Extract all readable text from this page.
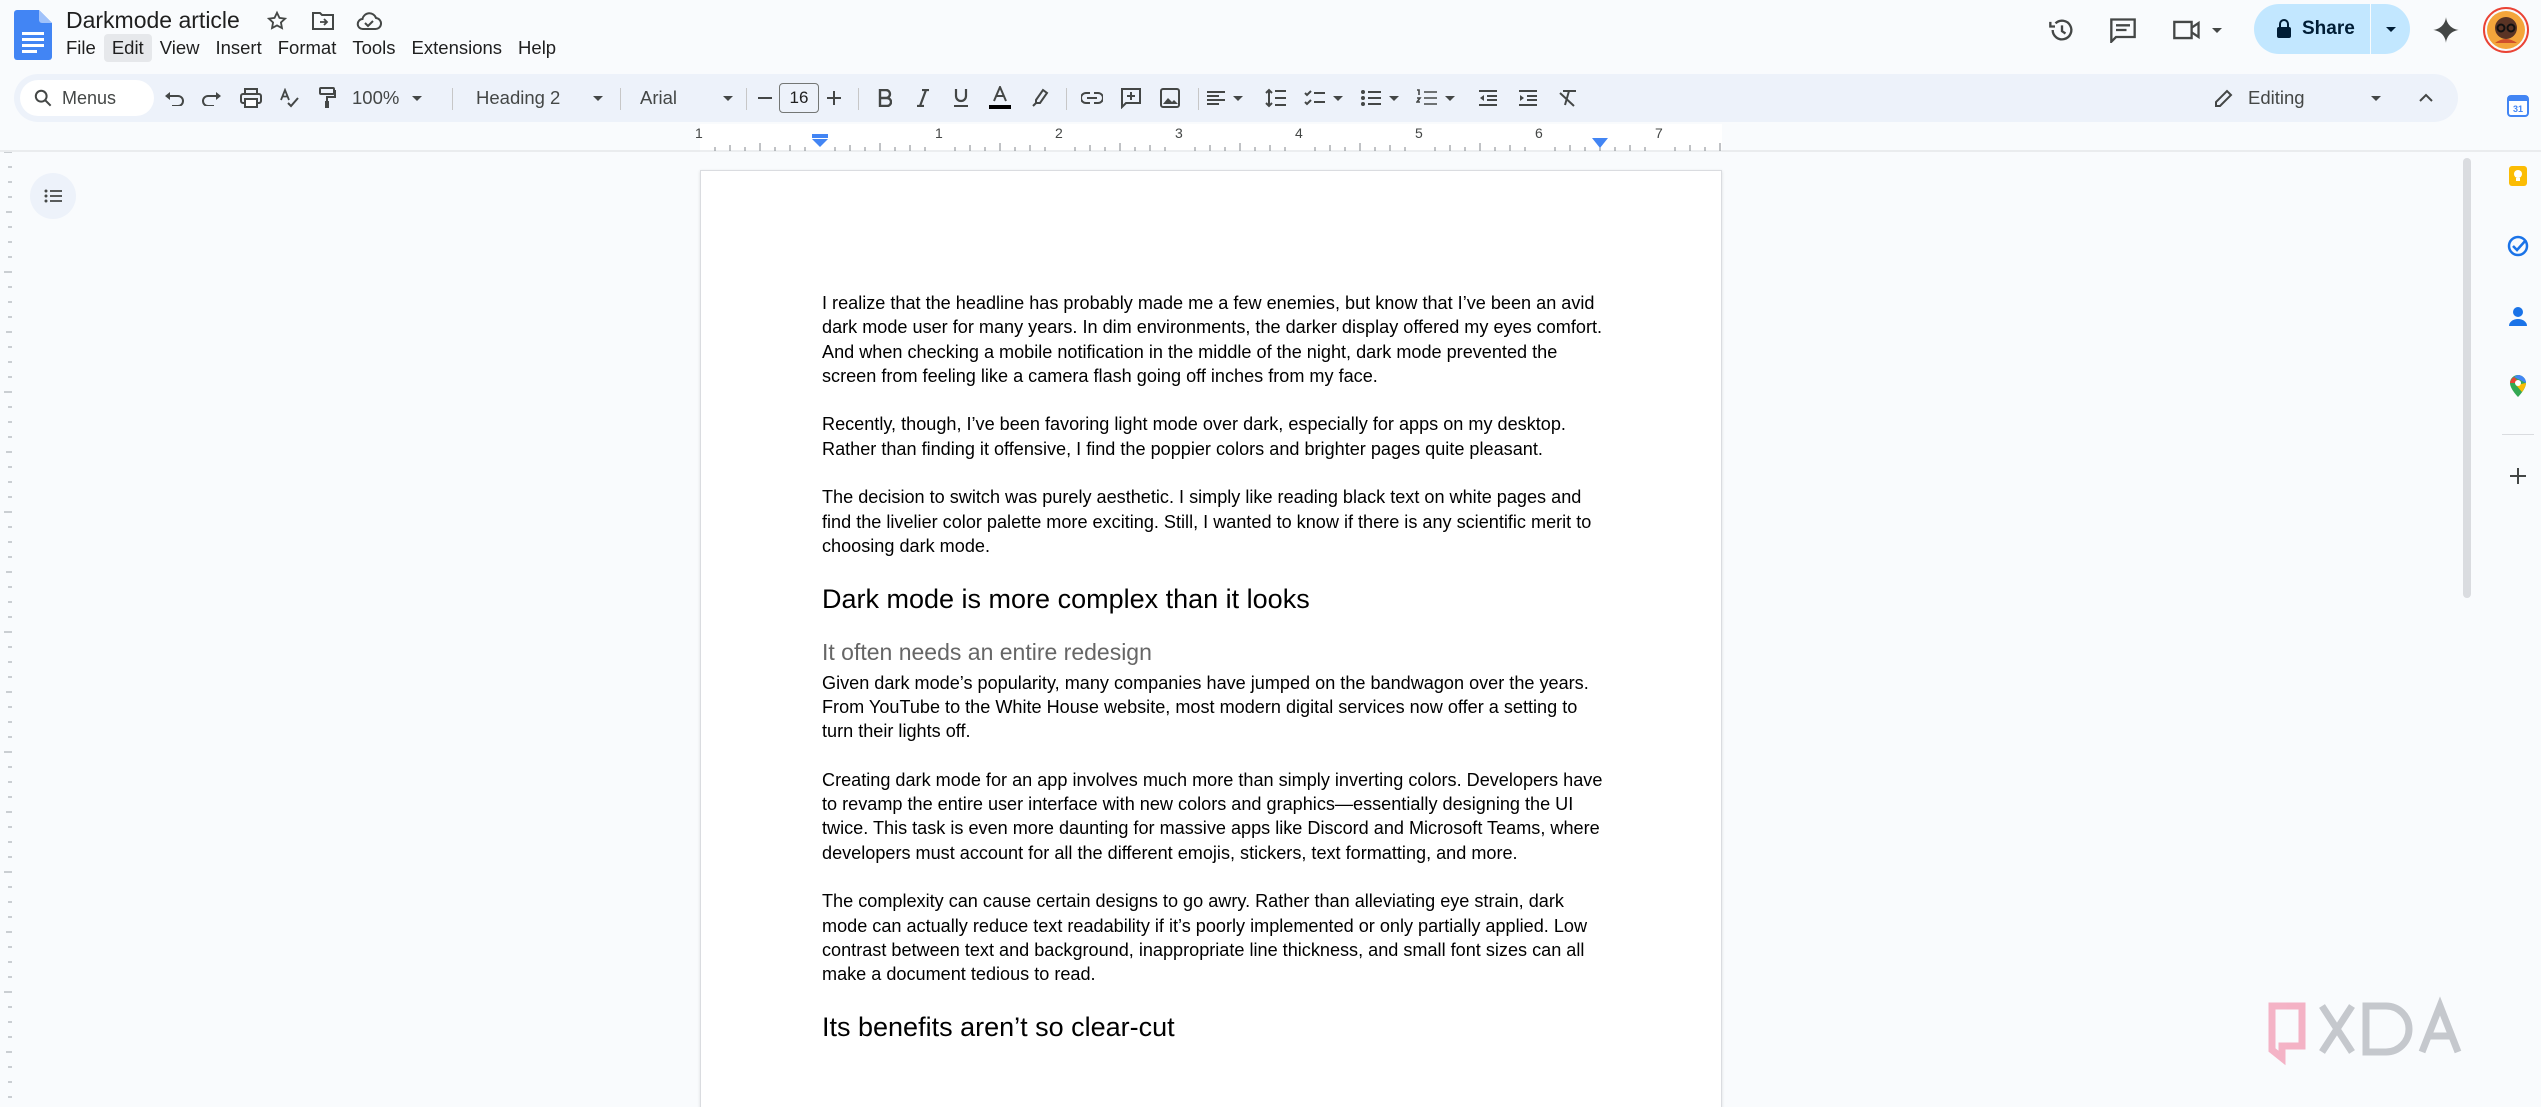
Darkmode article
File Edit View Insert Format Tools Extensions Help
Share
Menus	100%	Heading 2	Arial	16	Editing
1	1	2	3	4	5	6	7
I realize that the headline has probably made me a few enemies, but know that I’ve been an avid dark mode user for many years. In dim environments, the darker display offered my eyes comfort. And when checking a mobile notification in the middle of the night, dark mode prevented the screen from feeling like a camera flash going off inches from my face.
Recently, though, I’ve been favoring light mode over dark, especially for apps on my desktop. Rather than finding it offensive, I find the poppier colors and brighter pages quite pleasant.
The decision to switch was purely aesthetic. I simply like reading black text on white pages and find the livelier color palette more exciting. Still, I wanted to know if there is any scientific merit to choosing dark mode.
Dark mode is more complex than it looks
It often needs an entire redesign
Given dark mode’s popularity, many companies have jumped on the bandwagon over the years. From YouTube to the White House website, most modern digital services now offer a setting to turn their lights off.
Creating dark mode for an app involves much more than simply inverting colors. Developers have to revamp the entire user interface with new colors and graphics—essentially designing the UI twice. This task is even more daunting for massive apps like Discord and Microsoft Teams, where developers must account for all the different emojis, stickers, text formatting, and more.
The complexity can cause certain designs to go awry. Rather than alleviating eye strain, dark mode can actually reduce text readability if it’s poorly implemented or only partially applied. Low contrast between text and background, inappropriate line thickness, and small font sizes can all make a document tedious to read.
Its benefits aren’t so clear-cut
31
